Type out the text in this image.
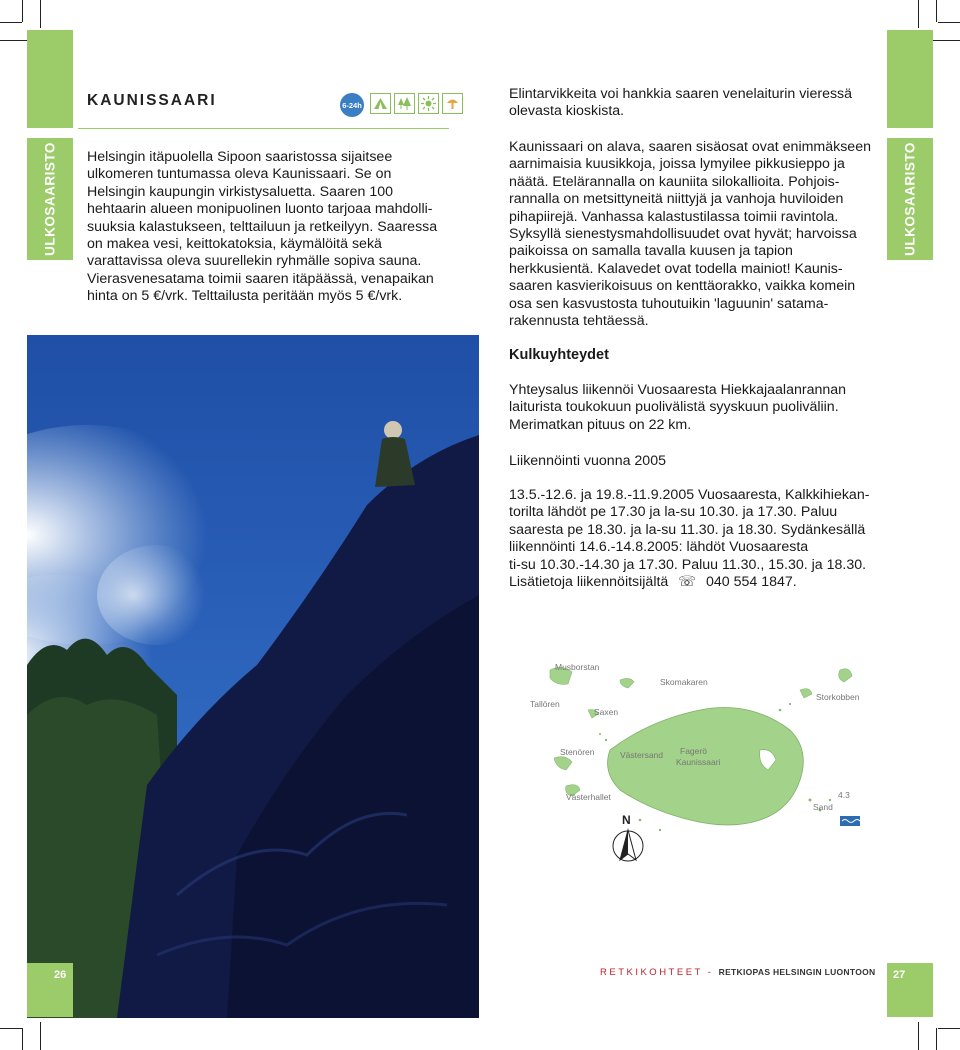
ULKOSAARISTO	ULKOSAARISTO
KAUNISSAARI	6-24h
Helsingin itäpuolella Sipoon saaristossa sijaitsee
ulkomeren tuntumassa oleva Kaunissaari. Se on
Helsingin kaupungin virkistysaluetta. Saaren 100
hehtaarin alueen monipuolinen luonto tarjoaa mahdolli-
suuksia kalastukseen, telttailuun ja retkeilyyn. Saaressa
on makea vesi, keittokatoksia, käymälöitä sekä
varattavissa oleva suurellekin ryhmälle sopiva sauna.
Vierasvenesatama toimii saaren itäpäässä, venapaikan
hinta on 5 €/vrk. Telttailusta peritään myös 5 €/vrk.
Elintarvikkeita voi hankkia saaren venelaiturin vieressä
olevasta kioskista.
Kaunissaari on alava, saaren sisäosat ovat enimmäkseen
aarnimaisia kuusikkoja, joissa lymyilee pikkusieppo ja
näätä. Etelärannalla on kauniita silokallioita. Pohjois-
rannalla on metsittyneitä niittyjä ja vanhoja huviloiden
pihapiirejä. Vanhassa kalastustilassa toimii ravintola.
Syksyllä sienestysmahdollisuudet ovat hyvät; harvoissa
paikoissa on samalla tavalla kuusen ja tapion
herkkusientä. Kalavedet ovat todella mainiot! Kaunis-
saaren kasvierikoisuus on kenttäorakko, vaikka komein
osa sen kasvustosta tuhoutuikin 'laguunin' satama-
rakennusta tehtäessä.
Kulkuyhteydet
Yhteysalus liikennöi Vuosaaresta Hiekkajaalanrannan
laiturista toukokuun puolivälistä syyskuun puoliväliin.
Merimatkan pituus on 22 km.
Liikennöinti vuonna 2005
13.5.-12.6. ja 19.8.-11.9.2005 Vuosaaresta, Kalkkihiekan-
torilta lähdöt pe 17.30 ja la-su 10.30. ja 17.30. Paluu
saaresta pe 18.30. ja la-su 11.30. ja 18.30. Sydänkesällä
liikennöinti 14.6.-14.8.2005: lähdöt Vuosaaresta
ti-su 10.30.-14.30 ja 17.30. Paluu 11.30., 15.30. ja 18.30.
Lisätietoja liikennöitsijältä ☏ 040 554 1847.
Musborstan
Skomakaren
Tallören
Saxen
Storkobben
Stenören	Västersand Fagerö
Kaunissaari
Västerhallet
Sand
4.3
N
26	27
RETKIKOHTEET - RETKIOPAS HELSINGIN LUONTOON
